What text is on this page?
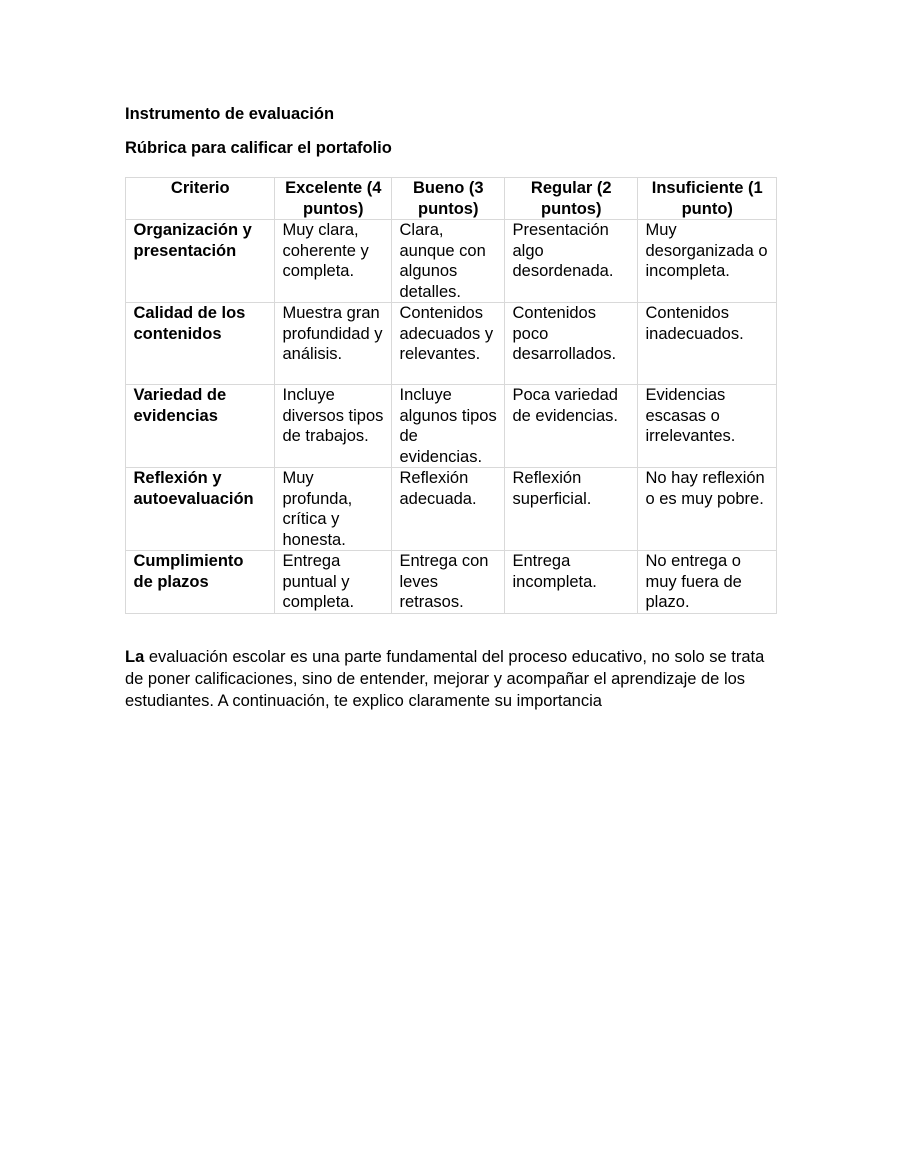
Instrumento de evaluación

Rúbrica para calificar el portafolio

Criterio	Excelente (4 puntos)	Bueno (3 puntos)	Regular (2 puntos)	Insuficiente (1 punto)
Organización y presentación	Muy clara, coherente y completa.	Clara, aunque con algunos detalles.	Presentación algo desordenada.	Muy desorganizada o incompleta.
Calidad de los contenidos	Muestra gran profundidad y análisis.	Contenidos adecuados y relevantes.	Contenidos poco desarrollados.	Contenidos inadecuados.
Variedad de evidencias	Incluye diversos tipos de trabajos.	Incluye algunos tipos de evidencias.	Poca variedad de evidencias.	Evidencias escasas o irrelevantes.
Reflexión y autoevaluación	Muy profunda, crítica y honesta.	Reflexión adecuada.	Reflexión superficial.	No hay reflexión o es muy pobre.
Cumplimiento de plazos	Entrega puntual y completa.	Entrega con leves retrasos.	Entrega incompleta.	No entrega o muy fuera de plazo.

La evaluación escolar es una parte fundamental del proceso educativo, no solo se trata de poner calificaciones, sino de entender, mejorar y acompañar el aprendizaje de los estudiantes. A continuación, te explico claramente su importancia
